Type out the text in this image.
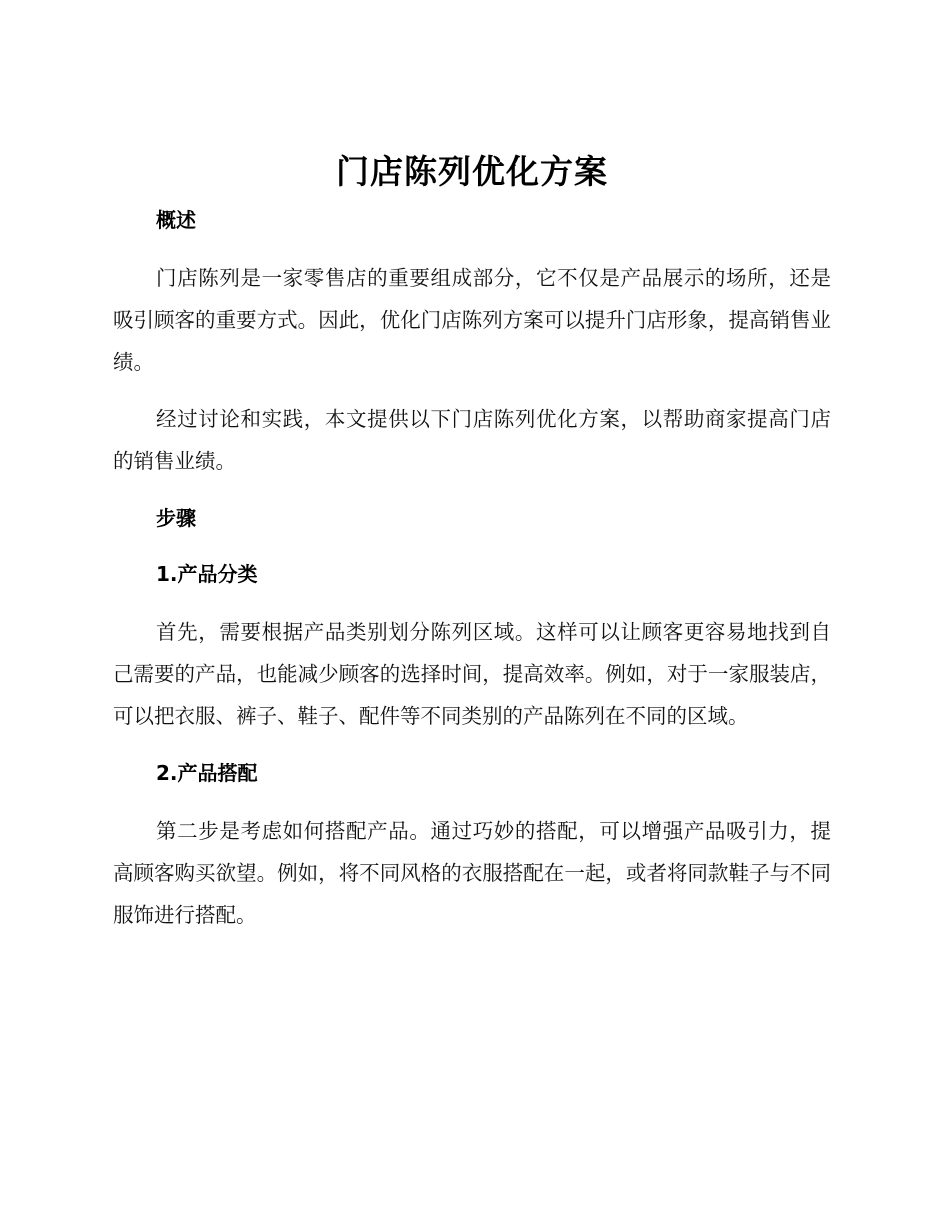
门店陈列优化方案
概述

门店陈列是一家零售店的重要组成部分，它不仅是产品展示的场所，还是吸引顾客的重要方式。因此，优化门店陈列方案可以提升门店形象，提高销售业绩。

经过讨论和实践，本文提供以下门店陈列优化方案，以帮助商家提高门店的销售业绩。

步骤
1.产品分类

首先，需要根据产品类别划分陈列区域。这样可以让顾客更容易地找到自己需要的产品，也能减少顾客的选择时间，提高效率。例如，对于一家服装店，可以把衣服、裤子、鞋子、配件等不同类别的产品陈列在不同的区域。

2.产品搭配

第二步是考虑如何搭配产品。通过巧妙的搭配，可以增强产品吸引力，提高顾客购买欲望。例如，将不同风格的衣服搭配在一起，或者将同款鞋子与不同服饰进行搭配。
